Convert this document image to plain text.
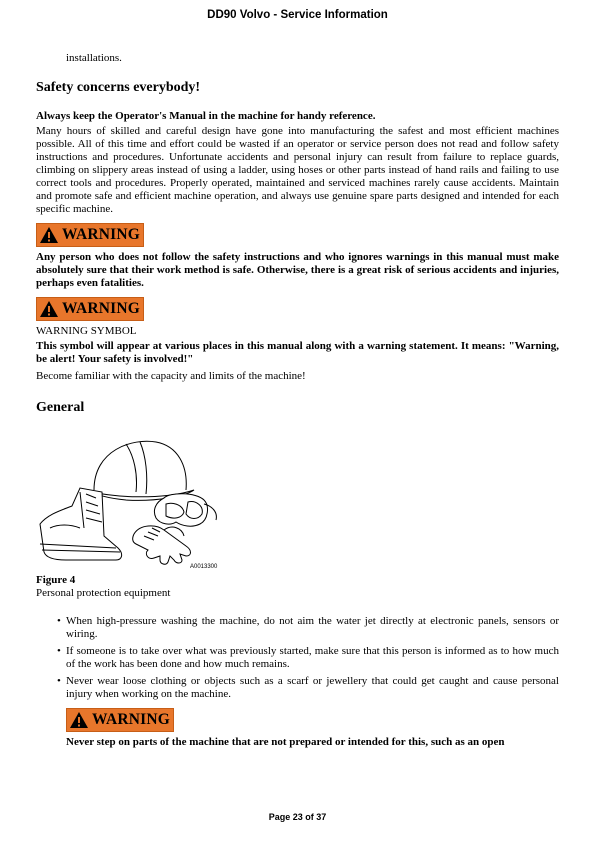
DD90 Volvo - Service Information
installations.
Safety concerns everybody!
Always keep the Operator's Manual in the machine for handy reference.

Many hours of skilled and careful design have gone into manufacturing the safest and most efficient machines possible. All of this time and effort could be wasted if an operator or service person does not read and follow safety instructions and procedures. Unfortunate accidents and personal injury can result from failure to replace guards, climbing on slippery areas instead of using a ladder, using hoses or other parts instead of hand rails and failing to use correct tools and procedures. Properly operated, maintained and serviced machines rarely cause accidents. Maintain and promote safe and efficient machine operation, and always use genuine spare parts designed and intended for each specific machine.

WARNING

Any person who does not follow the safety instructions and who ignores warnings in this manual must make absolutely sure that their work method is safe. Otherwise, there is a great risk of serious accidents and injuries, perhaps even fatalities.

WARNING

WARNING SYMBOL

This symbol will appear at various places in this manual along with a warning statement. It means: "Warning, be alert! Your safety is involved!"

Become familiar with the capacity and limits of the machine!

General
A0013300
Figure 4
Personal protection equipment
• When high-pressure washing the machine, do not aim the water jet directly at electronic panels, sensors or wiring.
• If someone is to take over what was previously started, make sure that this person is informed as to how much of the work has been done and how much remains.
• Never wear loose clothing or objects such as a scarf or jewellery that could get caught and cause personal injury when working on the machine.
WARNING

Never step on parts of the machine that are not prepared or intended for this, such as an open

Page 23 of 37
